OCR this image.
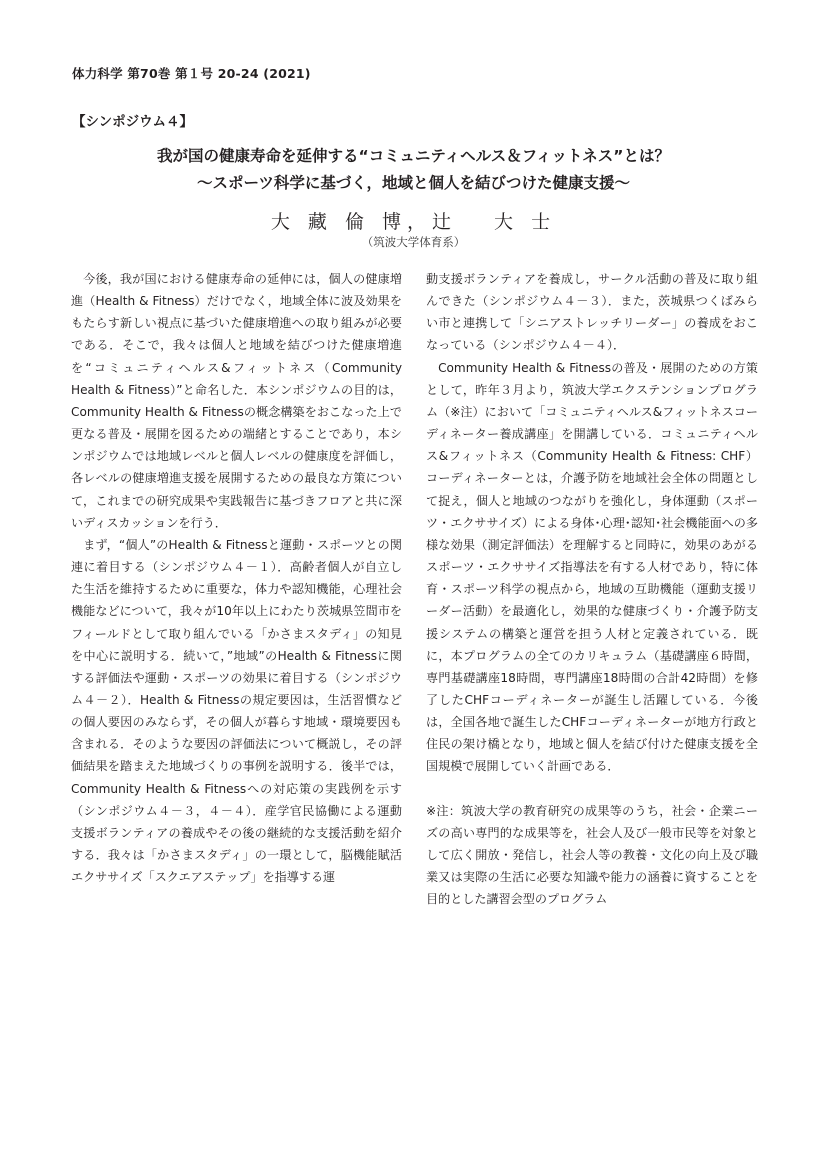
体力科学 第70巻 第１号 20-24 (2021)
【シンポジウム４】
我が国の健康寿命を延伸する“コミュニティヘルス＆フィットネス”とは？
〜スポーツ科学に基づく，地域と個人を結びつけた健康支援〜
大 藏 倫 博，辻　 大 士
（筑波大学体育系）

今後，我が国における健康寿命の延伸には，個人の健康増進（Health & Fitness）だけでなく，地域全体に波及効果をもたらす新しい視点に基づいた健康増進への取り組みが必要である．そこで，我々は個人と地域を結びつけた健康増進を“コミュニティヘルス&フィットネス（Community Health & Fitness）”と命名した．本シンポジウムの目的は，Community Health & Fitnessの概念構築をおこなった上で更なる普及・展開を図るための端緒とすることであり，本シンポジウムでは地域レベルと個人レベルの健康度を評価し，各レベルの健康増進支援を展開するための最良な方策について，これまでの研究成果や実践報告に基づきフロアと共に深いディスカッションを行う．

まず，“個人”のHealth & Fitnessと運動・スポーツとの関連に着目する（シンポジウム４－１）．高齢者個人が自立した生活を維持するために重要な，体力や認知機能，心理社会機能などについて，我々が10年以上にわたり茨城県笠間市をフィールドとして取り組んでいる「かさまスタディ」の知見を中心に説明する．続いて，”地域”のHealth & Fitnessに関する評価法や運動・スポーツの効果に着目する（シンポジウム４－２）．Health & Fitnessの規定要因は，生活習慣などの個人要因のみならず，その個人が暮らす地域・環境要因も含まれる．そのような要因の評価法について概説し，その評価結果を踏まえた地域づくりの事例を説明する．後半では，Community Health & Fitnessへの対応策の実践例を示す（シンポジウム４－３，４－４）．産学官民協働による運動支援ボランティアの養成やその後の継続的な支援活動を紹介する．我々は「かさまスタディ」の一環として，脳機能賦活エクササイズ「スクエアステップ」を指導する運

動支援ボランティアを養成し，サークル活動の普及に取り組んできた（シンポジウム４－３）．また，茨城県つくばみらい市と連携して「シニアストレッチリーダー」の養成をおこなっている（シンポジウム４－４）．

Community Health & Fitnessの普及・展開のための方策として，昨年３月より，筑波大学エクステンションプログラム（※注）において「コミュニティヘルス&フィットネスコーディネーター養成講座」を開講している．コミュニティヘルス&フィットネス（Community Health & Fitness: CHF）コーディネーターとは，介護予防を地域社会全体の問題として捉え，個人と地域のつながりを強化し，身体運動（スポーツ・エクササイズ）による身体･心理･認知･社会機能面への多様な効果（測定評価法）を理解すると同時に，効果のあがるスポーツ・エクササイズ指導法を有する人材であり，特に体育・スポーツ科学の視点から，地域の互助機能（運動支援リーダー活動）を最適化し，効果的な健康づくり・介護予防支援システムの構築と運営を担う人材と定義されている．既に，本プログラムの全てのカリキュラム（基礎講座６時間，専門基礎講座18時間，専門講座18時間の合計42時間）を修了したCHFコーディネーターが誕生し活躍している．今後は，全国各地で誕生したCHFコーディネーターが地方行政と住民の架け橋となり，地域と個人を結び付けた健康支援を全国規模で展開していく計画である．

※注：筑波大学の教育研究の成果等のうち，社会・企業ニーズの高い専門的な成果等を，社会人及び一般市民等を対象として広く開放・発信し，社会人等の教養・文化の向上及び職業又は実際の生活に必要な知識や能力の涵養に資することを目的とした講習会型のプログラム
